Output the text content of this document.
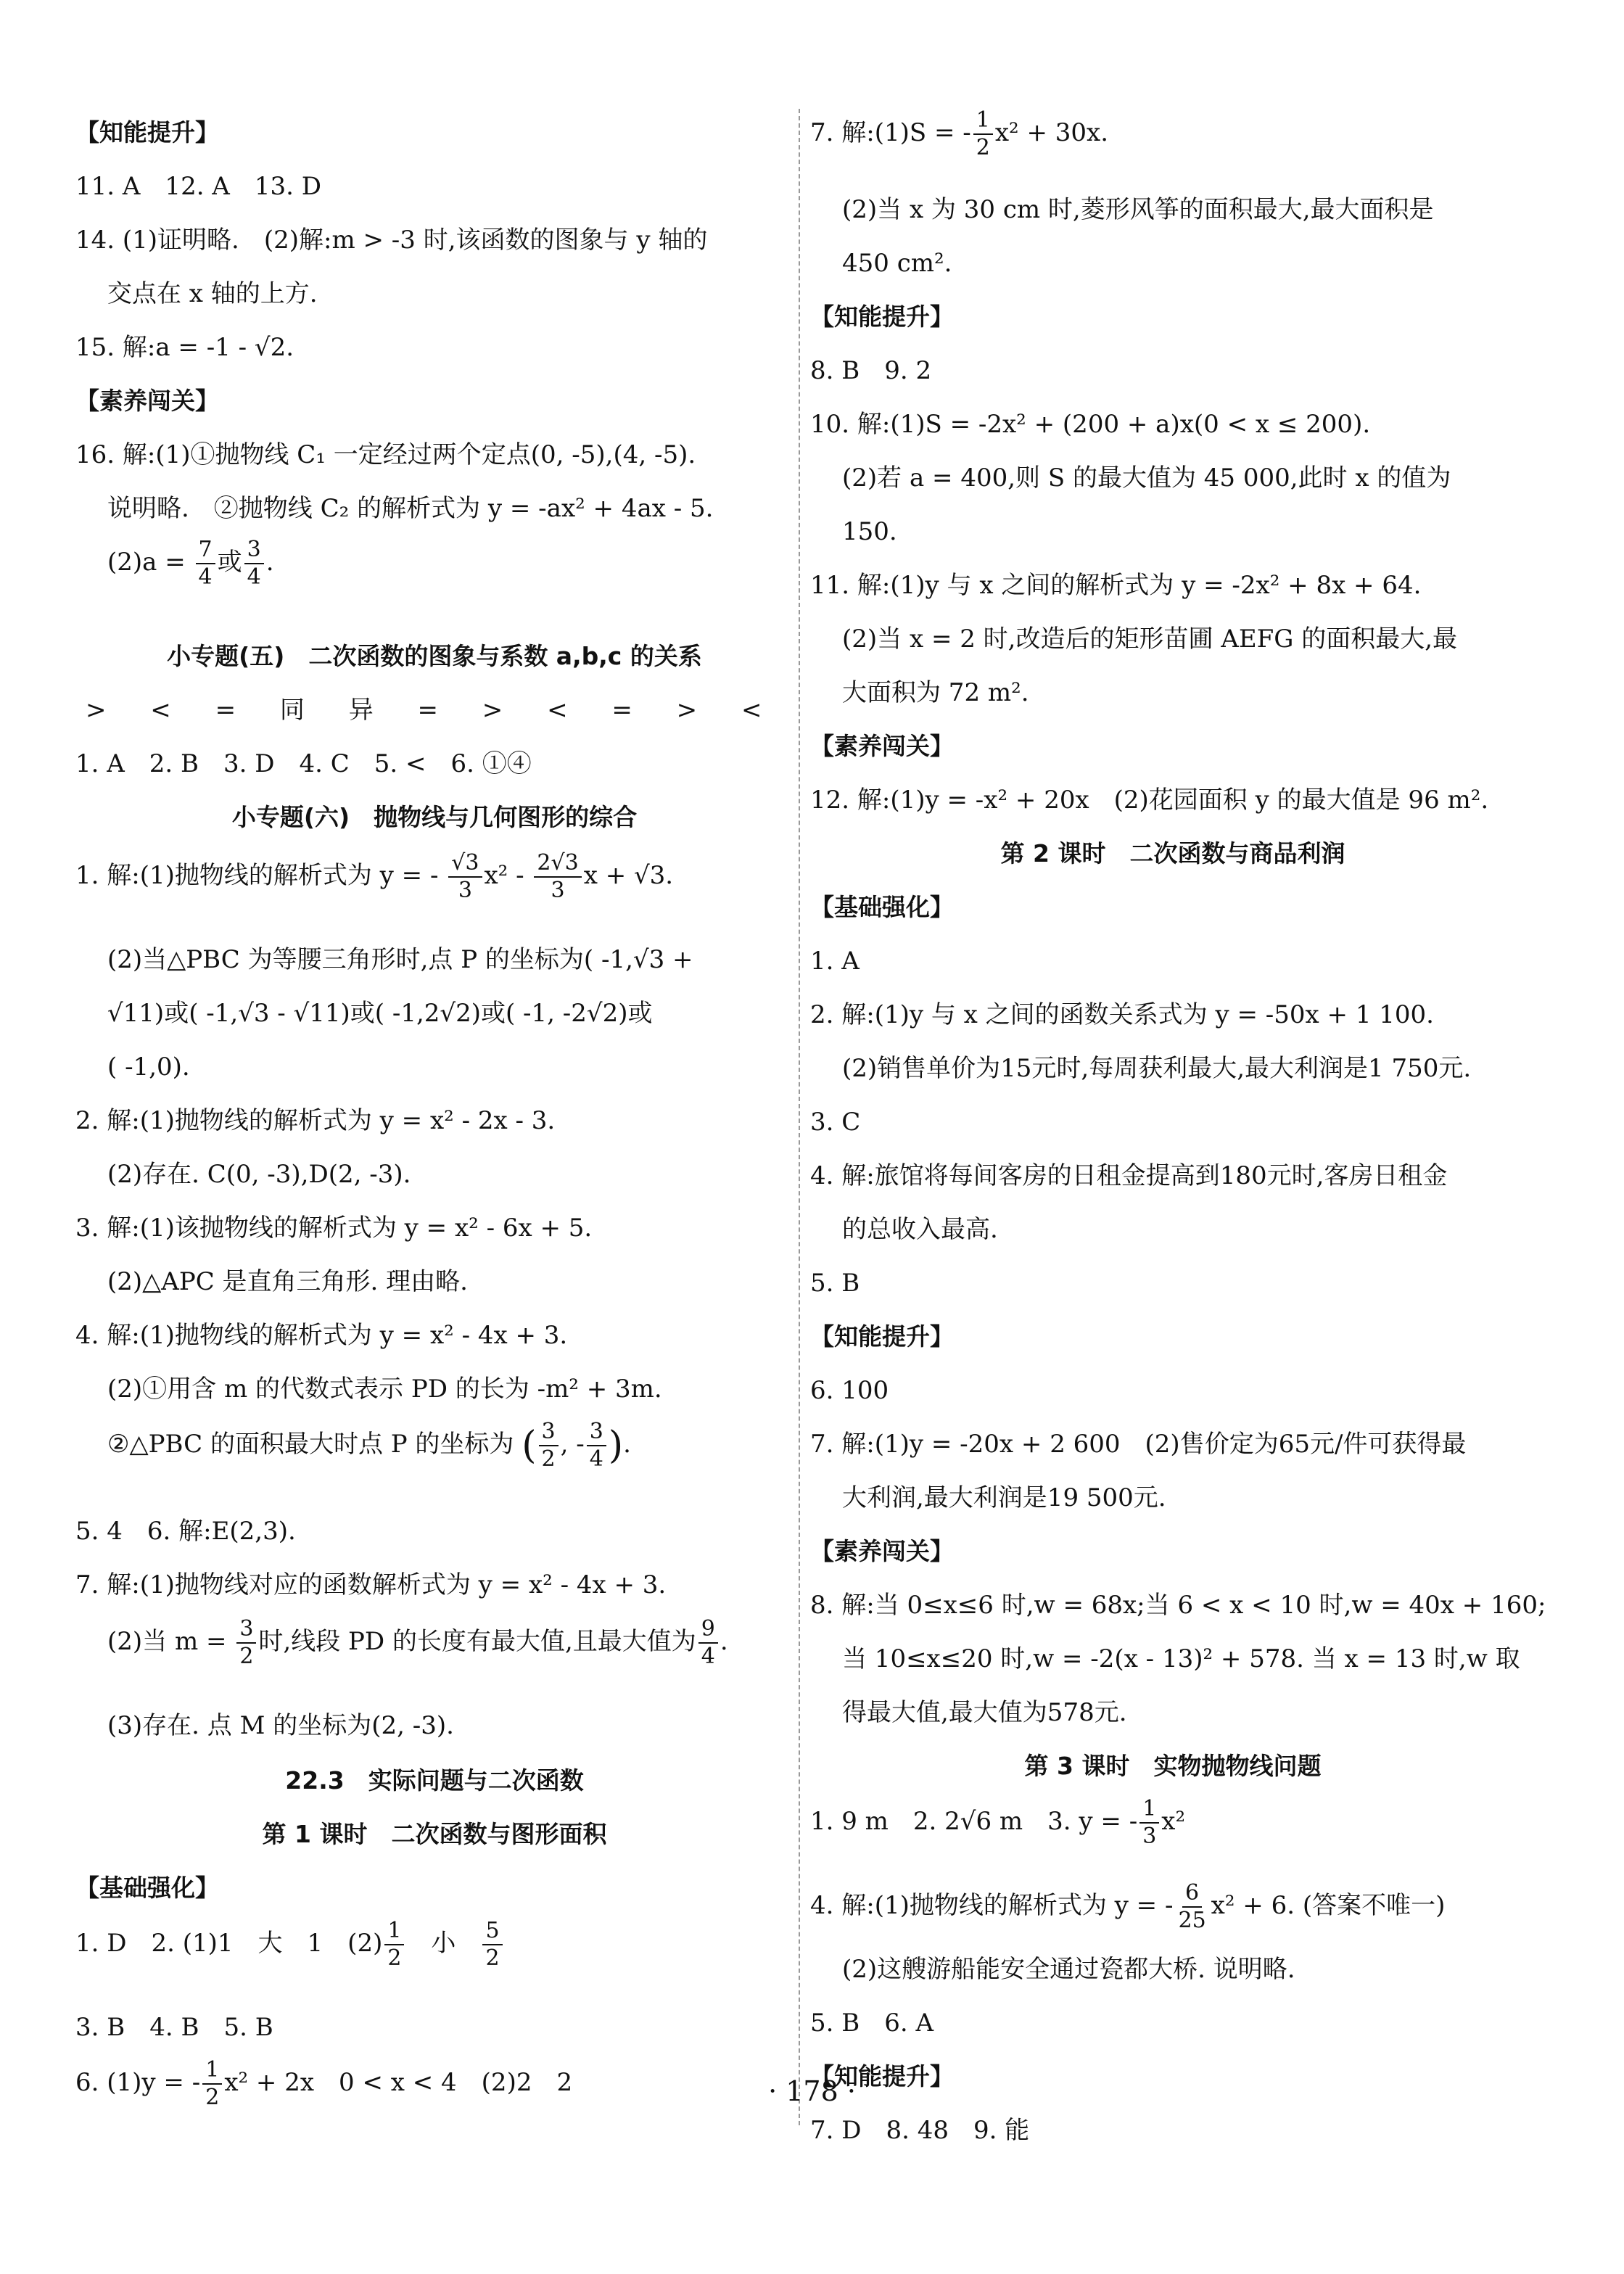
【知能提升】
11. A　12. A　13. D
14. (1)证明略.　(2)解:m > -3 时,该函数的图象与 y 轴的
交点在 x 轴的上方.
15. 解:a = -1 - √2.
【素养闯关】
16. 解:(1)①抛物线 C₁ 一定经过两个定点(0, -5),(4, -5).
说明略.　②抛物线 C₂ 的解析式为 y = -ax² + 4ax - 5.
$(2)a = \frac{7}{4}$ 或 $\frac{3}{4}$ .
小专题(五)　二次函数的图象与系数 a,b,c 的关系
> < = 同 异 = > < = > <
1. A　2. B　3. D　4. C　5. <　6. ①④
小专题(六)　抛物线与几何图形的综合
1. 解:(1)抛物线的解析式为 y = - $\frac{√3}{3} x^2 - \frac{2√3}{3}$ x + √3.
(2)当△PBC 为等腰三角形时,点 P 的坐标为( -1,√3 +
√11)或( -1,√3 - √11)或( -1,2√2)或( -1, -2√2)或
( -1,0).
2. 解:(1)抛物线的解析式为 y = x² - 2x - 3.
(2)存在. C(0, -3),D(2, -3).
3. 解:(1)该抛物线的解析式为 y = x² - 6x + 5.
(2)△APC 是直角三角形. 理由略.
4. 解:(1)抛物线的解析式为 y = x² - 4x + 3.
(2)①用含 m 的代数式表示 PD 的长为 -m² + 3m.
②△PBC 的面积最大时点 P 的坐标为 ( $\frac{3}{2}$ , - $\frac{3}{4}$ ).
5. 4　6. 解:E(2,3).
7. 解:(1)抛物线对应的函数解析式为 y = x² - 4x + 3.
(2)当 $m = \frac{3}{2}$ 时,线段 PD 的长度有最大值,且最大值为 $\frac{9}{4}$ .
(3)存在. 点 M 的坐标为(2, -3).
22.3　实际问题与二次函数
第 1 课时　二次函数与图形面积
【基础强化】
1. D　2. (1)1　大　1　$(2) \frac{1}{2}$ 　小　 $\frac{5}{2}$
3. B　4. B　5. B
6. (1)y = - $\frac{1}{2} x^2 + 2x$　0 < x < 4　(2)2　2
7. 解:(1)S = - $\frac{1}{2} x^2 + 30x$.
(2)当 x 为 30 cm 时,菱形风筝的面积最大,最大面积是
450 cm².
【知能提升】
8. B　9. 2
10. 解:(1)S = -2x² + (200 + a)x(0 < x ≤ 200).
(2)若 a = 400,则 S 的最大值为 45 000,此时 x 的值为
150.
11. 解:(1)y 与 x 之间的解析式为 y = -2x² + 8x + 64.
(2)当 x = 2 时,改造后的矩形苗圃 AEFG 的面积最大,最
大面积为 72 m².
【素养闯关】
12. 解:(1)y = -x² + 20x　(2)花园面积 y 的最大值是 96 m².
第 2 课时　二次函数与商品利润
【基础强化】
1. A
2. 解:(1)y 与 x 之间的函数关系式为 y = -50x + 1 100.
(2)销售单价为15元时,每周获利最大,最大利润是1 750元.
3. C
4. 解:旅馆将每间客房的日租金提高到180元时,客房日租金
的总收入最高.
5. B
【知能提升】
6. 100
7. 解:(1)y = -20x + 2 600　(2)售价定为65元/件可获得最
大利润,最大利润是19 500元.
【素养闯关】
8. 解:当 0≤x≤6 时,w = 68x;当 6 < x < 10 时,w = 40x + 160;
当 10≤x≤20 时,w = -2(x - 13)² + 578. 当 x = 13 时,w 取
得最大值,最大值为578元.
第 3 课时　实物抛物线问题
1. 9 m　2. 2√6 m　3. y = - $\frac{1}{3} x^2$
4. 解:(1)抛物线的解析式为 y = - $\frac{6}{25} x^2 + 6$. (答案不唯一)
(2)这艘游船能安全通过瓷都大桥. 说明略.
5. B　6. A
【知能提升】
7. D　8. 48　9. 能
· 178 ·
